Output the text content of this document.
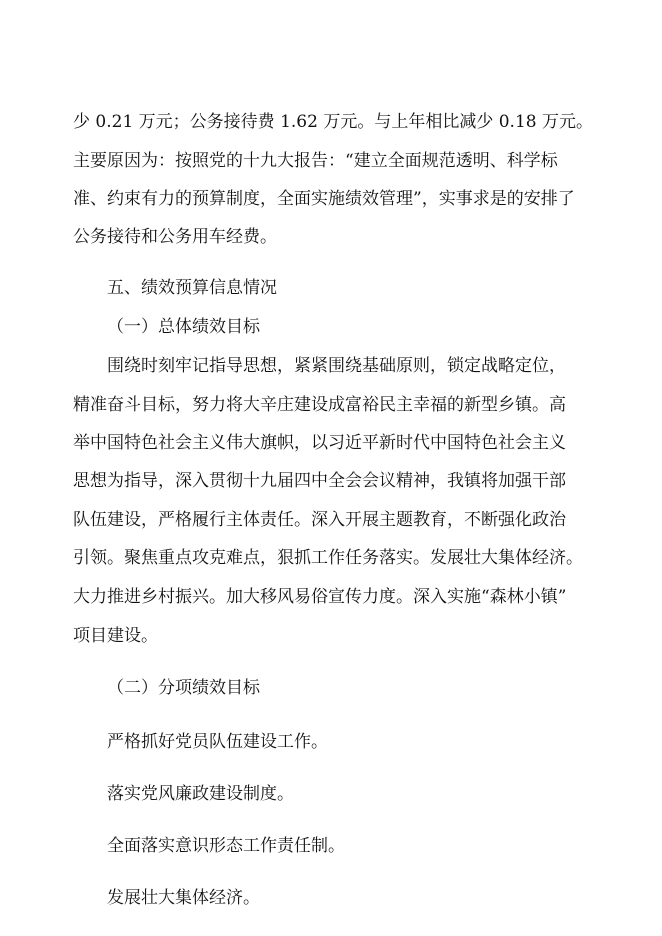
少 0.21 万元；公务接待费 1.62 万元。与上年相比减少 0.18 万元。

主要原因为：按照党的十九大报告：“建立全面规范透明、科学标

准、约束有力的预算制度，全面实施绩效管理”，实事求是的安排了

公务接待和公务用车经费。

五、绩效预算信息情况

（一）总体绩效目标

围绕时刻牢记指导思想，紧紧围绕基础原则，锁定战略定位，

精准奋斗目标，努力将大辛庄建设成富裕民主幸福的新型乡镇。高

举中国特色社会主义伟大旗帜，以习近平新时代中国特色社会主义

思想为指导，深入贯彻十九届四中全会会议精神，我镇将加强干部

队伍建设，严格履行主体责任。深入开展主题教育，不断强化政治

引领。聚焦重点攻克难点，狠抓工作任务落实。发展壮大集体经济。

大力推进乡村振兴。加大移风易俗宣传力度。深入实施“森林小镇”

项目建设。

（二）分项绩效目标

严格抓好党员队伍建设工作。

落实党风廉政建设制度。

全面落实意识形态工作责任制。

发展壮大集体经济。
